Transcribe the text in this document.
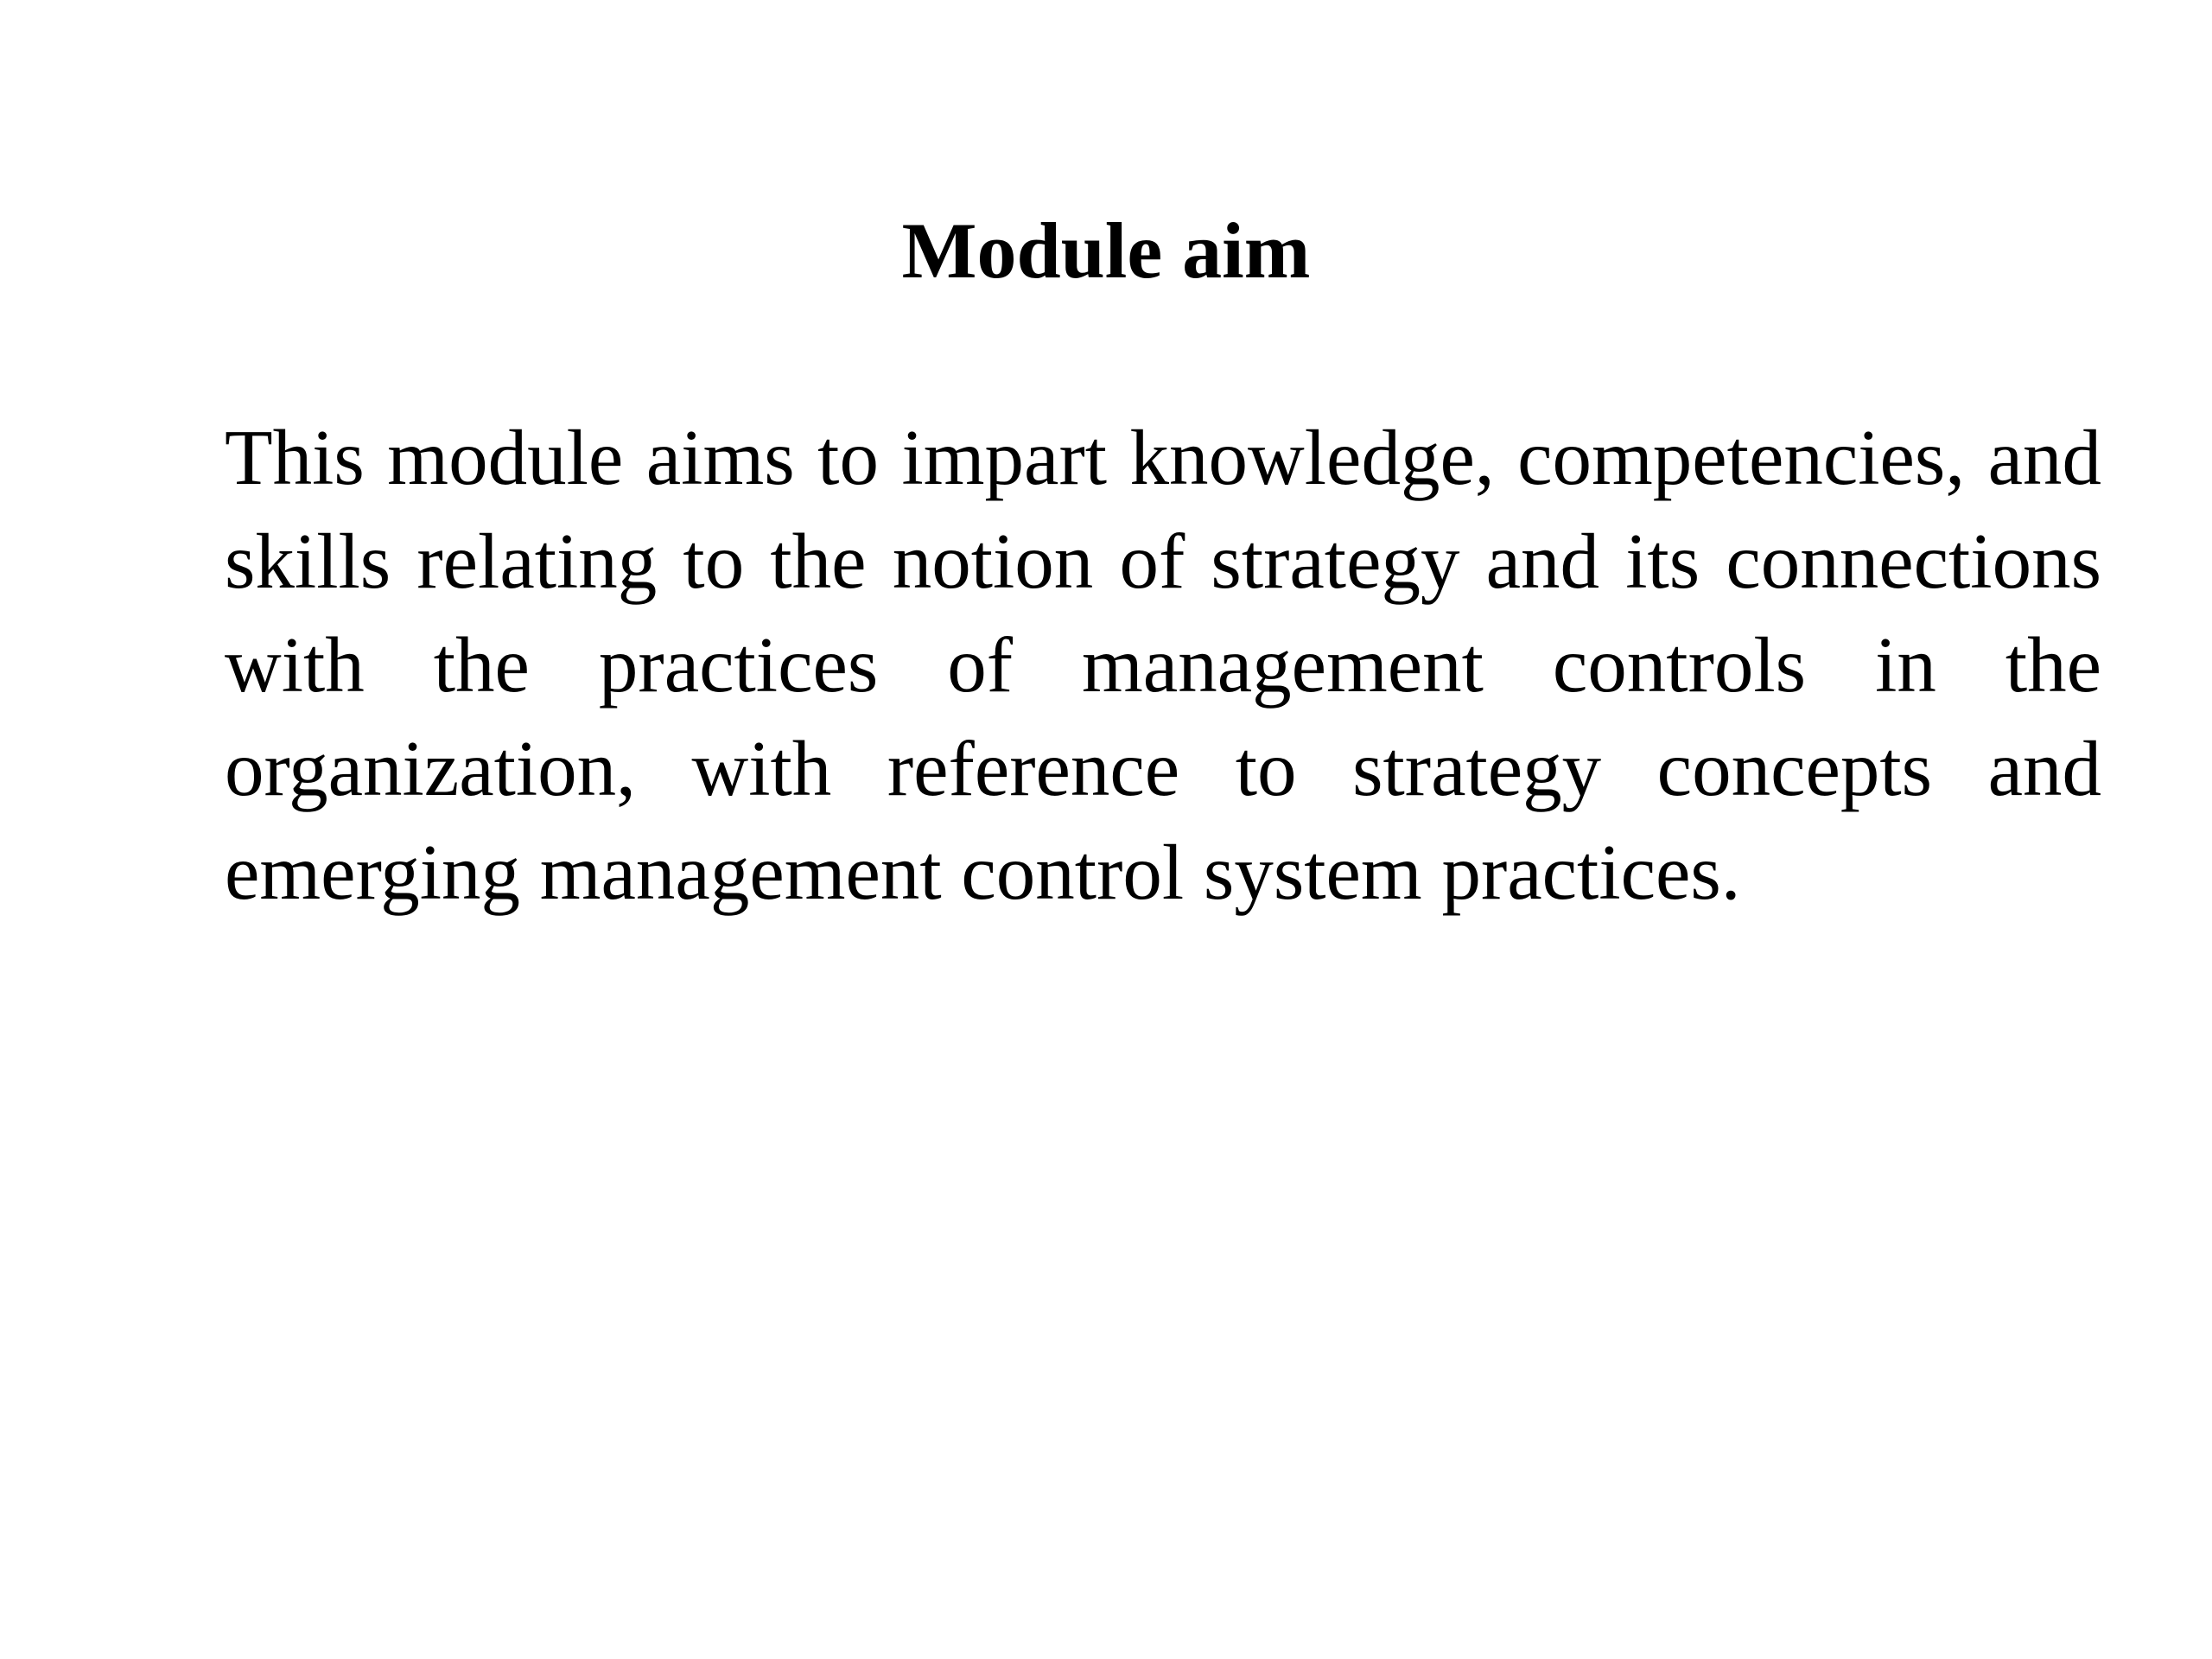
Module aim

This module aims to impart knowledge, competencies, and skills relating to the notion of strategy and its connections with the practices of management controls in the organization, with reference to strategy concepts and emerging management control system practices.
